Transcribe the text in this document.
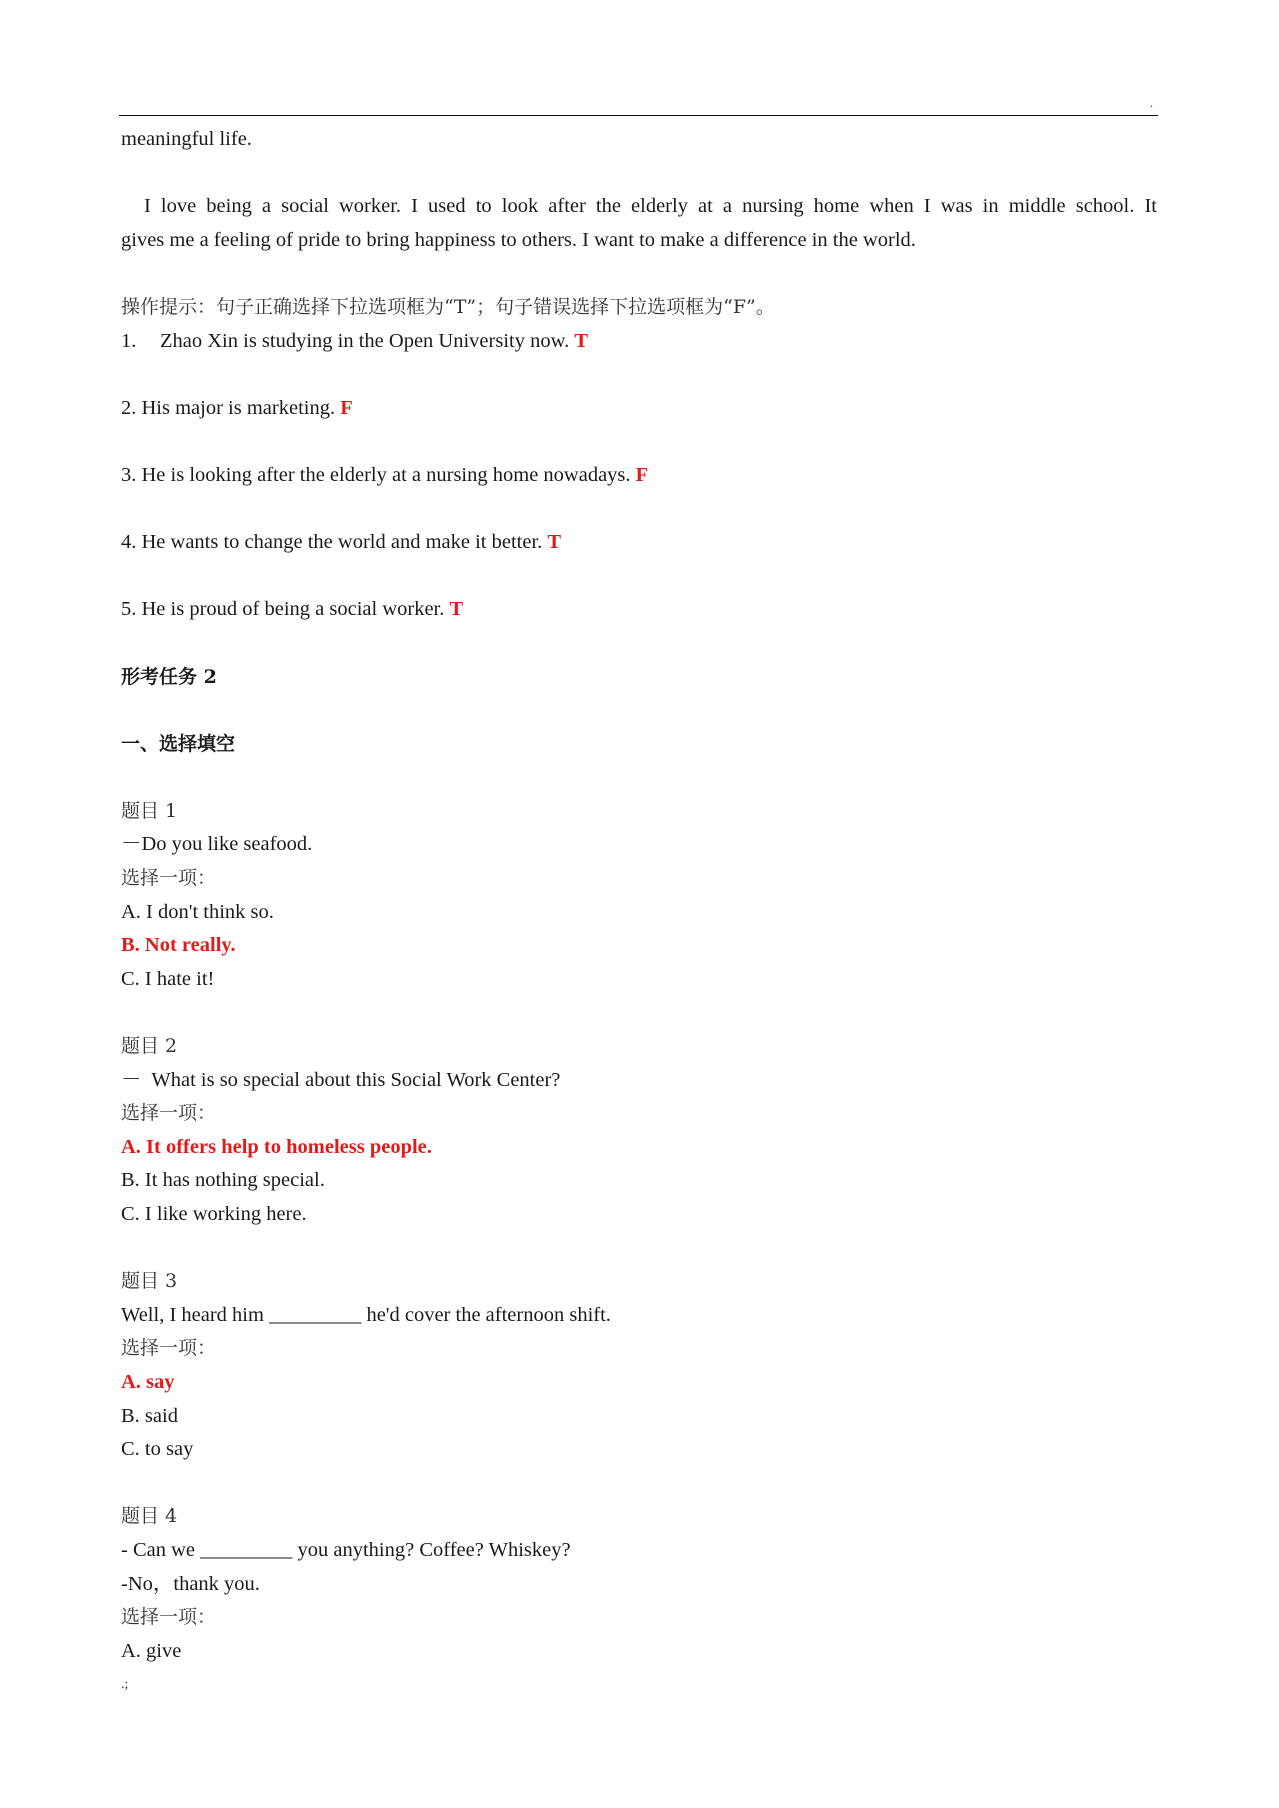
.
meaningful life.
I love being a social worker. I used to look after the elderly at a nursing home when I was in middle school. It
gives me a feeling of pride to bring happiness to others. I want to make a difference in the world.
操作提示：句子正确选择下拉选项框为“T”；句子错误选择下拉选项框为“F”。
1. Zhao Xin is studying in the Open University now. T
2. His major is marketing. F
3. He is looking after the elderly at a nursing home nowadays. F
4. He wants to change the world and make it better. T
5. He is proud of being a social worker. T
形考任务 2
一、选择填空
题目 1
－Do you like seafood.
选择一项：
A. I don't think so.
B. Not really.
C. I hate it!
题目 2
－  What is so special about this Social Work Center?
选择一项：
A. It offers help to homeless people.
B. It has nothing special.
C. I like working here.
题目 3
Well, I heard him _________ he'd cover the afternoon shift.
选择一项：
A. say
B. said
C. to say
题目 4
- Can we _________ you anything? Coffee? Whiskey?
-No，thank you.
选择一项：
A. give
.;
